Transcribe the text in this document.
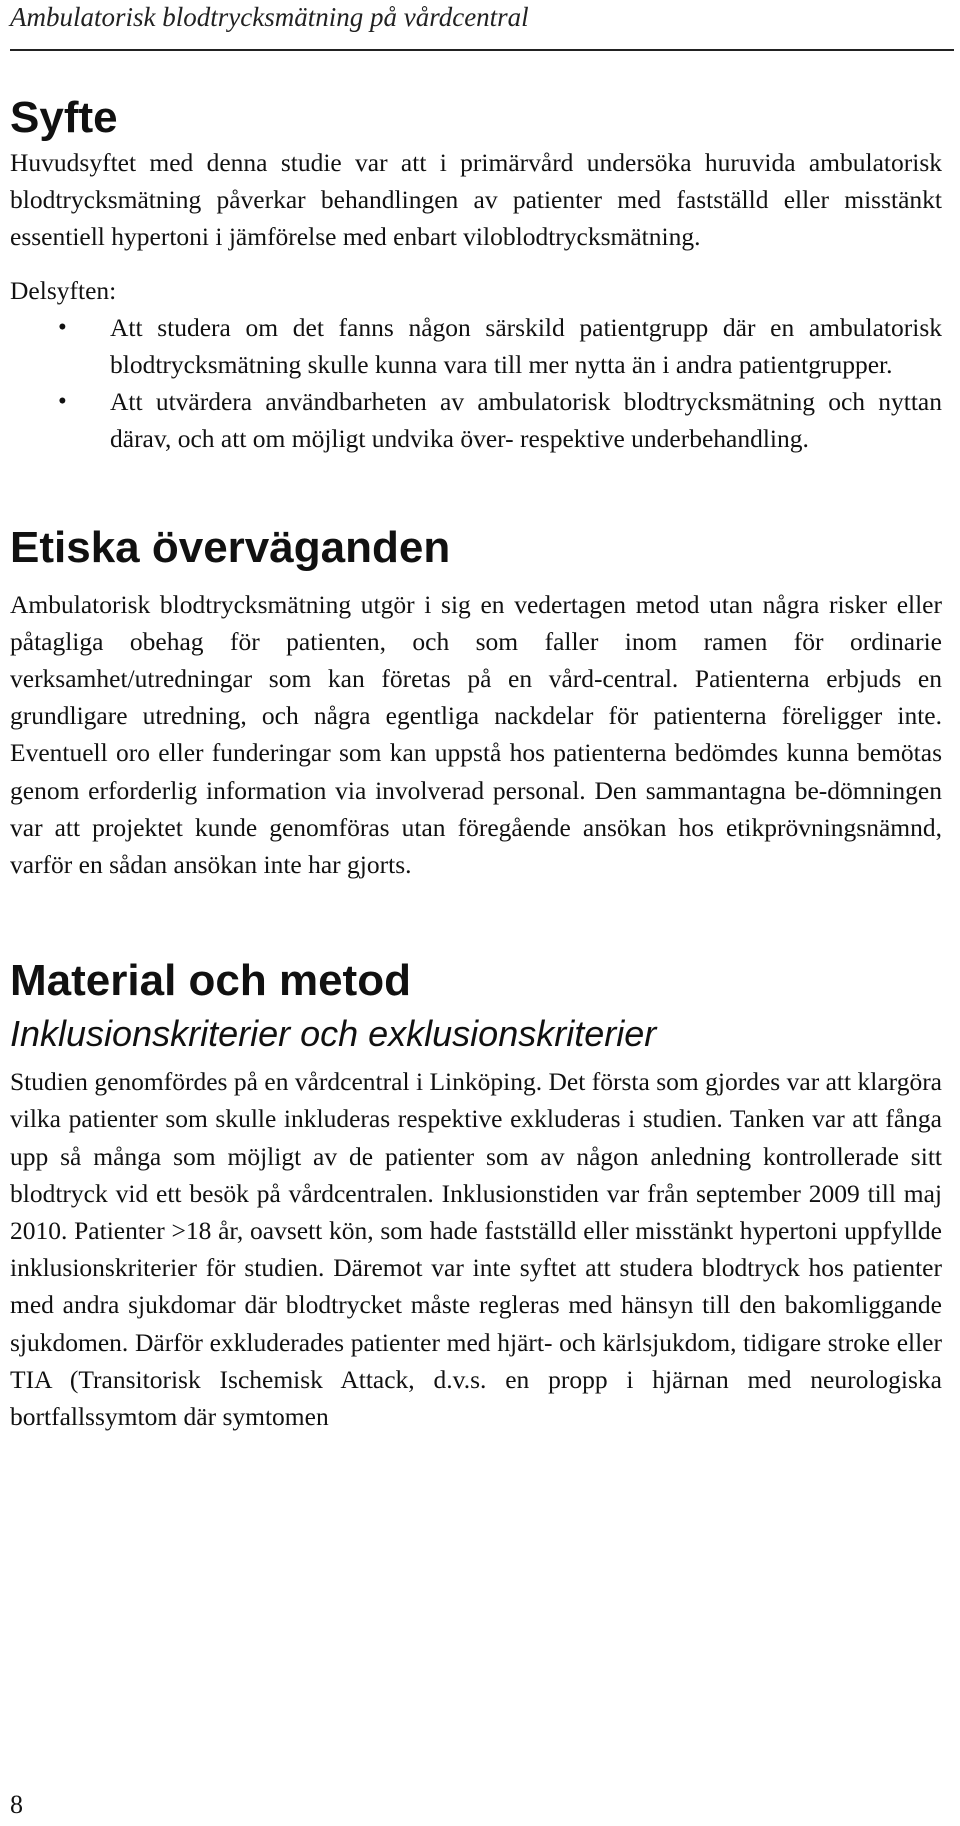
Ambulatorisk blodtrycksmätning på vårdcentral
Syfte

Huvudsyftet med denna studie var att i primärvård undersöka huruvida ambulatorisk blodtrycksmätning påverkar behandlingen av patienter med fastställd eller misstänkt essentiell hypertoni i jämförelse med enbart viloblodtrycksmätning.

Delsyften:

• Att studera om det fanns någon särskild patientgrupp där en ambulatorisk blodtrycksmätning skulle kunna vara till mer nytta än i andra patientgrupper.
• Att utvärdera användbarheten av ambulatorisk blodtrycksmätning och nyttan därav, och att om möjligt undvika över- respektive underbehandling.
Etiska överväganden

Ambulatorisk blodtrycksmätning utgör i sig en vedertagen metod utan några risker eller påtagliga obehag för patienten, och som faller inom ramen för ordinarie verksamhet/utredningar som kan företas på en vård-central. Patienterna erbjuds en grundligare utredning, och några egentliga nackdelar för patienterna föreligger inte. Eventuell oro eller funderingar som kan uppstå hos patienterna bedömdes kunna bemötas genom erforderlig information via involverad personal. Den sammantagna be-dömningen var att projektet kunde genomföras utan föregående ansökan hos etikprövningsnämnd, varför en sådan ansökan inte har gjorts.

Material och metod
Inklusionskriterier och exklusionskriterier

Studien genomfördes på en vårdcentral i Linköping. Det första som gjordes var att klargöra vilka patienter som skulle inkluderas respektive exkluderas i studien. Tanken var att fånga upp så många som möjligt av de patienter som av någon anledning kontrollerade sitt blodtryck vid ett besök på vårdcentralen. Inklusionstiden var från september 2009 till maj 2010. Patienter >18 år, oavsett kön, som hade fastställd eller misstänkt hypertoni uppfyllde inklusionskriterier för studien. Däremot var inte syftet att studera blodtryck hos patienter med andra sjukdomar där blodtrycket måste regleras med hänsyn till den bakomliggande sjukdomen. Därför exkluderades patienter med hjärt- och kärlsjukdom, tidigare stroke eller TIA (Transitorisk Ischemisk Attack, d.v.s. en propp i hjärnan med neurologiska bortfallssymtom där symtomen

8
